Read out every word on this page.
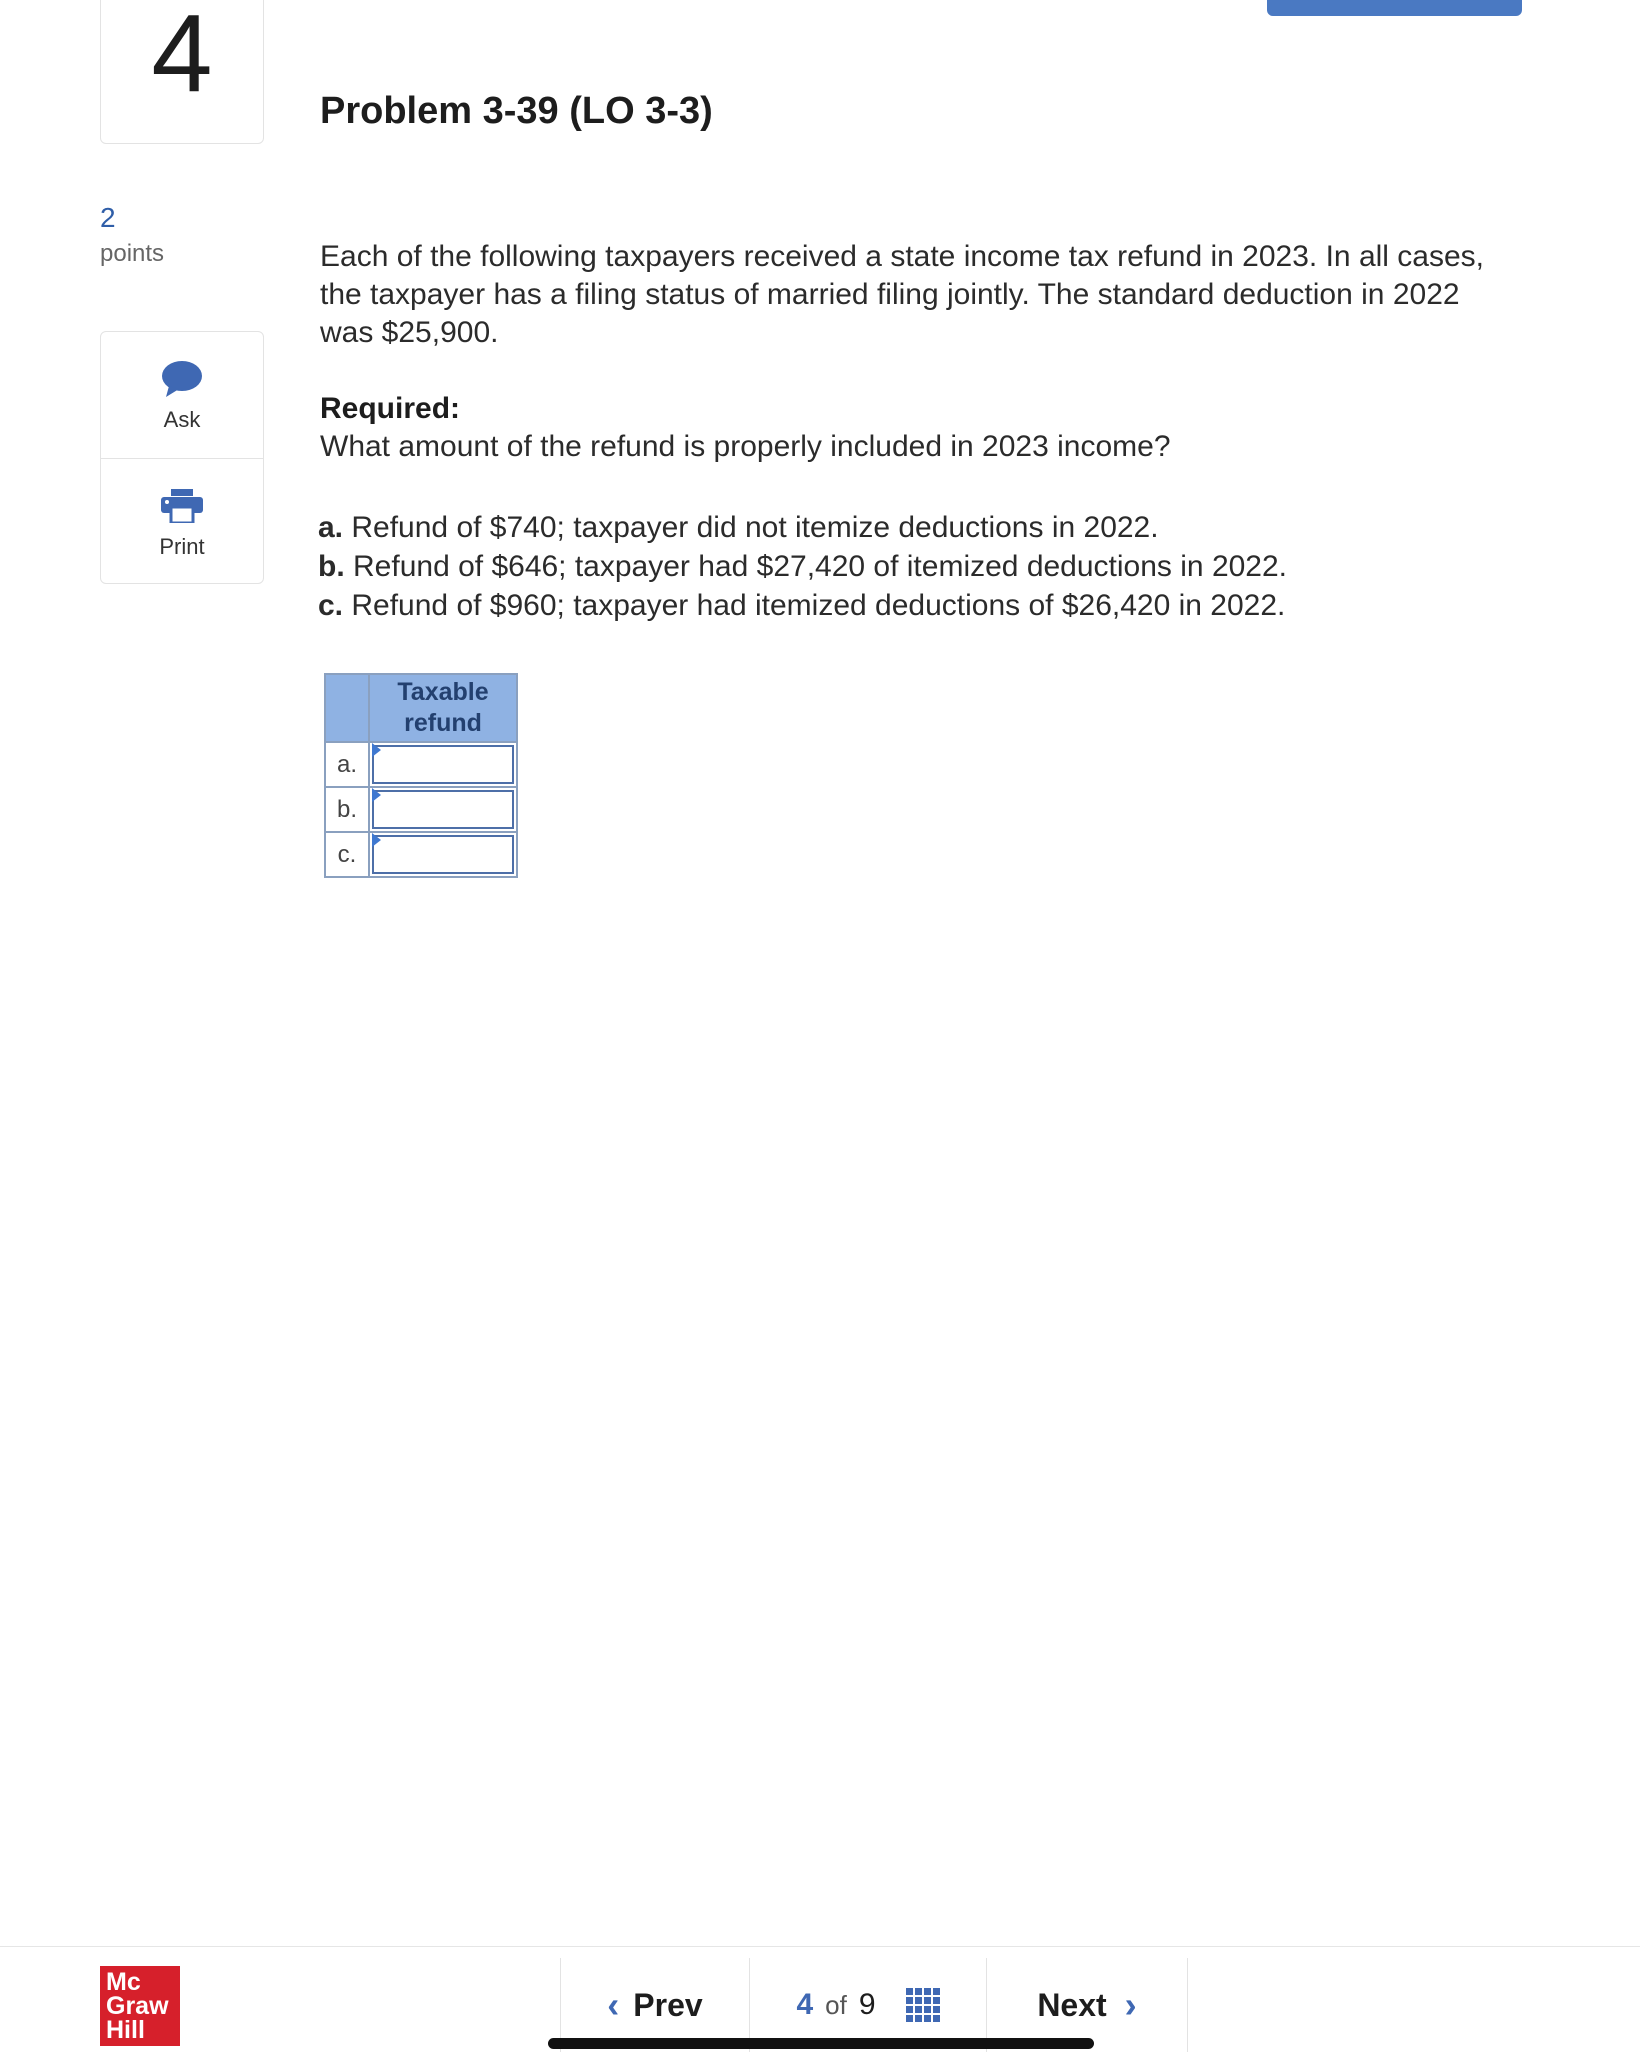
4	Problem 3-39 (LO 3-3)
2
points
Ask
Print
Each of the following taxpayers received a state income tax refund in 2023. In all cases, the taxpayer has a filing status of married filing jointly. The standard deduction in 2022 was $25,900.
Required:
What amount of the refund is properly included in 2023 income?
a. Refund of $740; taxpayer did not itemize deductions in 2022.
b. Refund of $646; taxpayer had $27,420 of itemized deductions in 2022.
c. Refund of $960; taxpayer had itemized deductions of $26,420 in 2022.
	Taxable
refund
a.	

b.	

c.	
Mc
Graw
Hill
‹ Prev	4 of 9	Next ›
